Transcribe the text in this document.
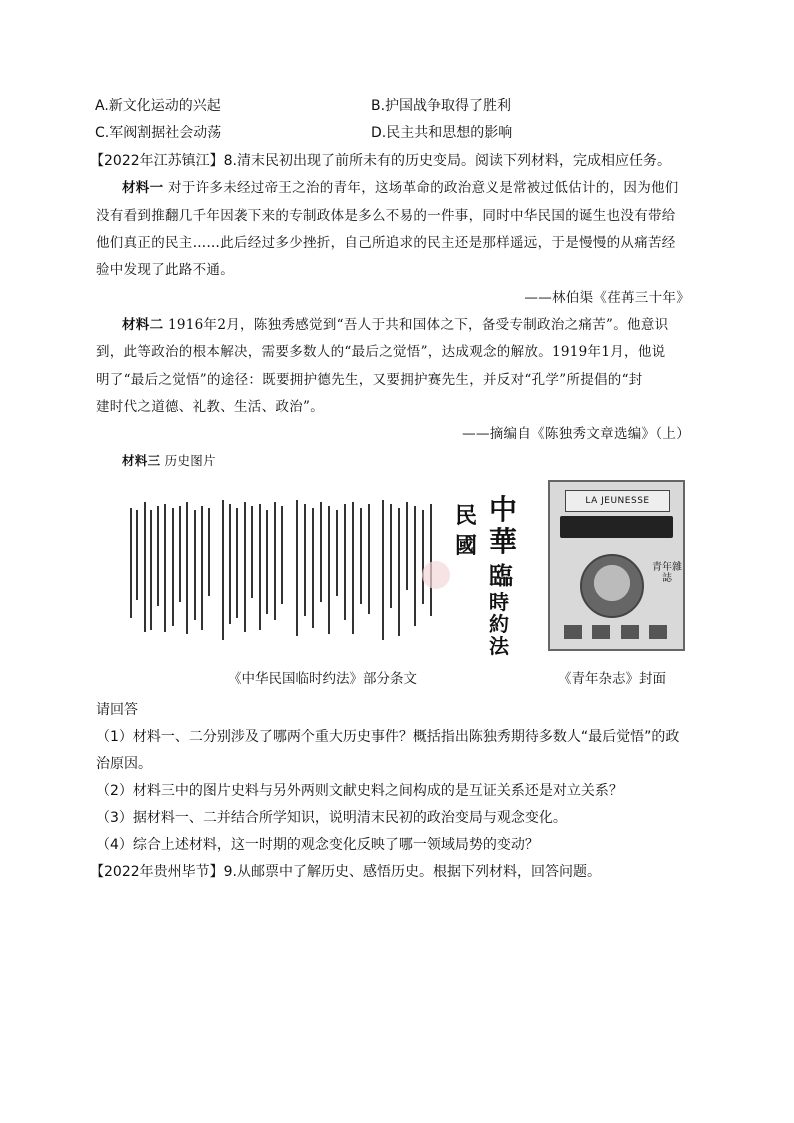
A.新文化运动的兴起	B.护国战争取得了胜利
C.军阀割据社会动荡	D.民主共和思想的影响
【2022年江苏镇江】8.清末民初出现了前所未有的历史变局。阅读下列材料，完成相应任务。
材料一 对于许多未经过帝王之治的青年，这场革命的政治意义是常被过低估计的，因为他们
没有看到推翻几千年因袭下来的专制政体是多么不易的一件事，同时中华民国的诞生也没有带给
他们真正的民主……此后经过多少挫折，自己所追求的民主还是那样遥远，于是慢慢的从痛苦经
验中发现了此路不通。
——林伯渠《荏苒三十年》
材料二 1916年2月，陈独秀感觉到“吾人于共和国体之下，备受专制政治之痛苦”。他意识
到，此等政治的根本解决，需要多数人的“最后之觉悟”，达成观念的解放。1919年1月，他说
明了“最后之觉悟”的途径：既要拥护德先生，又要拥护赛先生，并反对“孔学”所提倡的“封
建时代之道德、礼教、生活、政治”。
——摘编自《陈独秀文章选编》（上）
材料三 历史图片
中
華
民
國
臨
時
約
法
LA JEUNESSE
青年雜誌
《中华民国临时约法》部分条文	《青年杂志》封面
请回答
（1）材料一、二分别涉及了哪两个重大历史事件？概括指出陈独秀期待多数人“最后觉悟”的政
治原因。
（2）材料三中的图片史料与另外两则文献史料之间构成的是互证关系还是对立关系？
（3）据材料一、二并结合所学知识，说明清末民初的政治变局与观念变化。
（4）综合上述材料，这一时期的观念变化反映了哪一领域局势的变动？
【2022年贵州毕节】9.从邮票中了解历史、感悟历史。根据下列材料，回答问题。
